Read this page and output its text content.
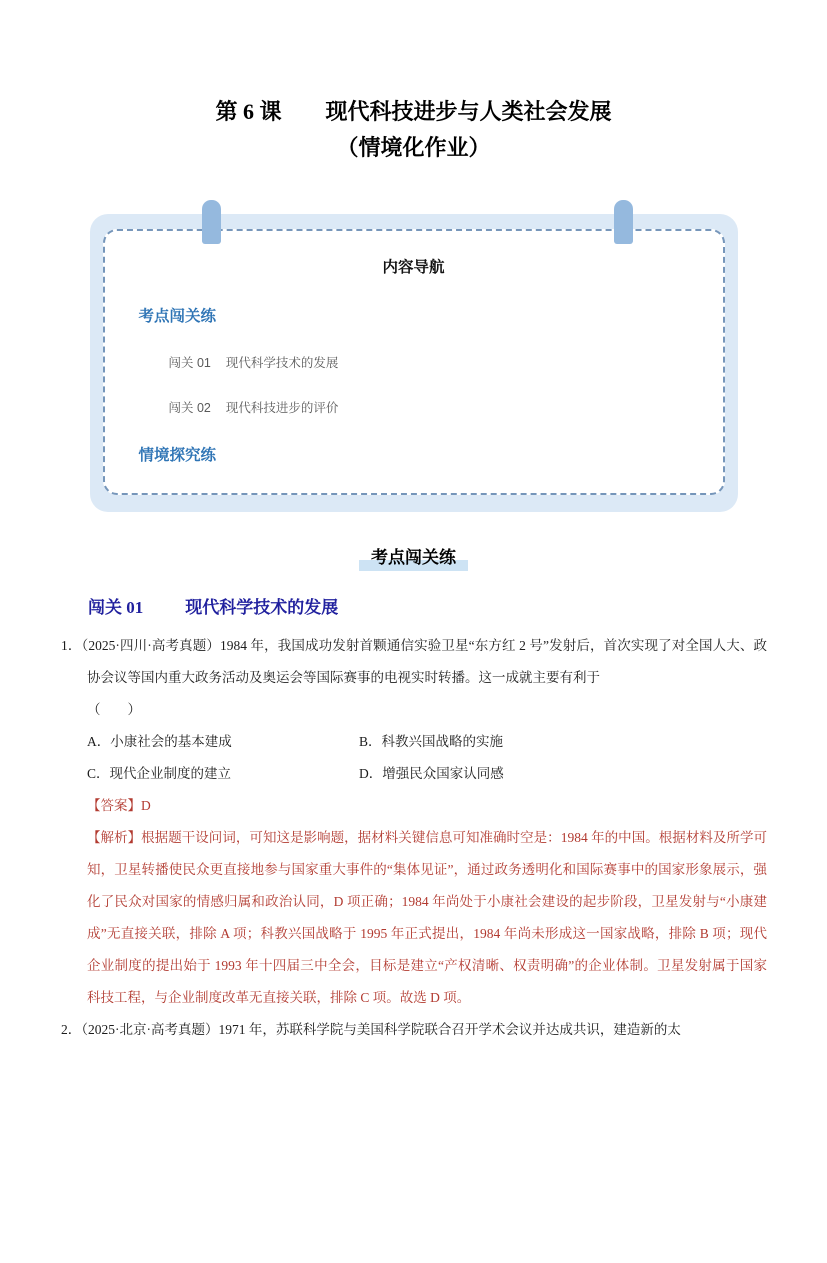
第 6 课 现代科技进步与人类社会发展
（情境化作业）
内容导航
考点闯关练
闯关 01 现代科学技术的发展
闯关 02 现代科技进步的评价
情境探究练
考点闯关练
闯关 01 现代科学技术的发展
1．（2025·四川·高考真题）1984 年，我国成功发射首颗通信实验卫星“东方红 2 号”发射后，首次实现了对全国人大、政协会议等国内重大政务活动及奥运会等国际赛事的电视实时转播。这一成就主要有利于
（　　）
A．小康社会的基本建成	B．科教兴国战略的实施
C．现代企业制度的建立	D．增强民众国家认同感
【答案】D
【解析】根据题干设问词，可知这是影响题，据材料关键信息可知准确时空是：1984 年的中国。根据材料及所学可知，卫星转播使民众更直接地参与国家重大事件的“集体见证”，通过政务透明化和国际赛事中的国家形象展示，强化了民众对国家的情感归属和政治认同，D 项正确；1984 年尚处于小康社会建设的起步阶段，卫星发射与“小康建成”无直接关联，排除 A 项；科教兴国战略于 1995 年正式提出，1984 年尚未形成这一国家战略，排除 B 项；现代企业制度的提出始于 1993 年十四届三中全会，目标是建立“产权清晰、权责明确”的企业体制。卫星发射属于国家科技工程，与企业制度改革无直接关联，排除 C 项。故选 D 项。
2．（2025·北京·高考真题）1971 年，苏联科学院与美国科学院联合召开学术会议并达成共识，建造新的太
